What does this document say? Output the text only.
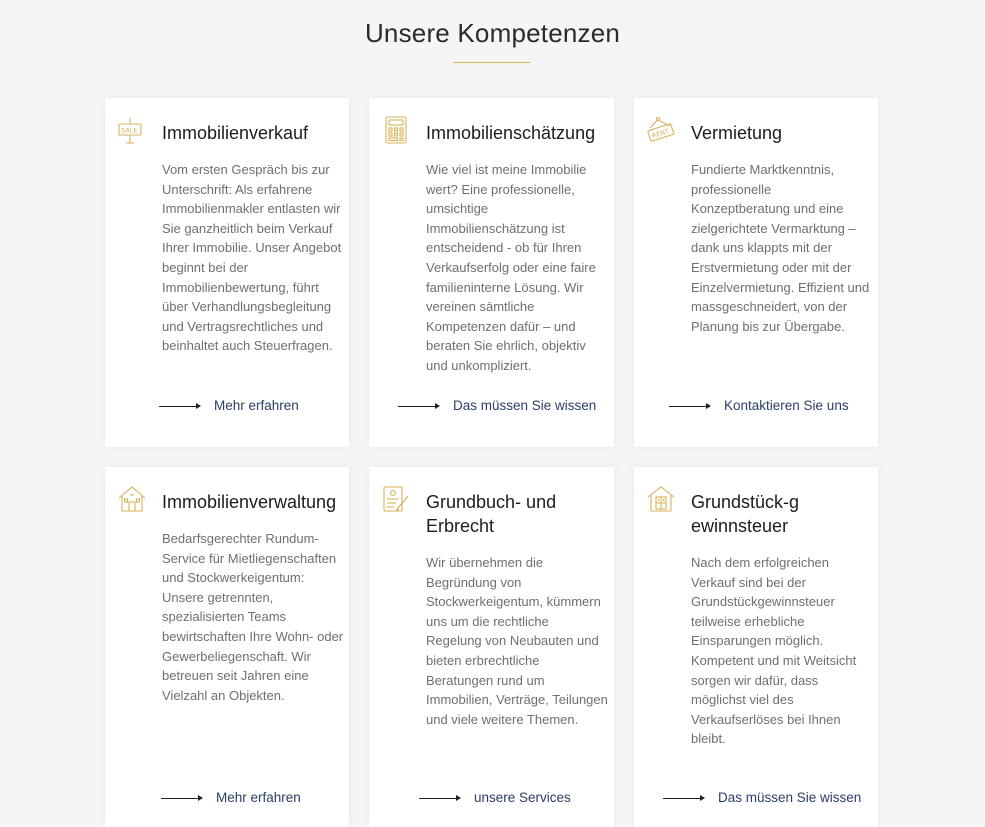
Unsere Kompetenzen
SALE Immobilienverkauf
Vom ersten Gespräch bis zur Unterschrift: Als erfahrene Immobilienmakler entlasten wir Sie ganzheitlich beim Verkauf Ihrer Immobilie. Unser Angebot beginnt bei der Immobilienbewertung, führt über Verhandlungsbegleitung und Vertragsrechtliches und beinhaltet auch Steuerfragen.
Mehr erfahren
Immobilienschätzung
Wie viel ist meine Immobilie wert? Eine professionelle, umsichtige Immobilienschätzung ist entscheidend - ob für Ihren Verkaufserfolg oder eine faire familieninterne Lösung. Wir vereinen sämtliche Kompetenzen dafür – und beraten Sie ehrlich, objektiv und unkompliziert.
Das müssen Sie wissen
RENT Vermietung
Fundierte Marktkenntnis, professionelle Konzeptberatung und eine zielgerichtete Vermarktung – dank uns klappts mit der Erstvermietung oder mit der Einzelvermietung. Effizient und massgeschneidert, von der Planung bis zur Übergabe.
Kontaktieren Sie uns
Immobilienverwaltung
Bedarfsgerechter Rundum-Service für Mietliegenschaften und Stockwerkeigentum: Unsere getrennten, spezialisierten Teams bewirtschaften Ihre Wohn- oder Gewerbeliegenschaft. Wir betreuen seit Jahren eine Vielzahl an Objekten.
Mehr erfahren
Grundbuch- und Erbrecht
Wir übernehmen die Begründung von Stockwerkeigentum, kümmern uns um die rechtliche Regelung von Neubauten und bieten erbrechtliche Beratungen rund um Immobilien, Verträge, Teilungen und viele weitere Themen.
unsere Services
Grundstück-gewinnsteuer
Nach dem erfolgreichen Verkauf sind bei der Grundstückgewinnsteuer teilweise erhebliche Einsparungen möglich. Kompetent und mit Weitsicht sorgen wir dafür, dass möglichst viel des Verkaufserlöses bei Ihnen bleibt.
Das müssen Sie wissen
